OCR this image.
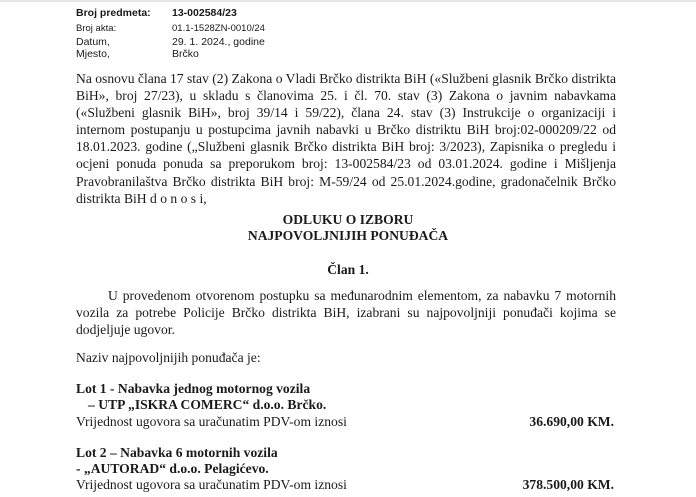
Broj predmeta: 13-002584/23
Broj akta:	01.1-1528ZN-0010/24
Datum,	29. 1. 2024., godine
Mjesto,	Brčko

Na osnovu člana 17 stav (2) Zakona o Vladi Brčko distrikta BiH («Službeni glasnik Brčko distrikta BiH», broj 27/23), u skladu s članovima 25. i čl. 70. stav (3) Zakona o javnim nabavkama («Službeni glasnik BiH», broj 39/14 i 59/22), člana 24. stav (3) Instrukcije o organizaciji i internom postupanju u postupcima javnih nabavki u Brčko distriktu BiH broj:02-000209/22 od 18.01.2023. godine („Službeni glasnik Brčko distrikta BiH broj: 3/2023), Zapisnika o pregledu i ocjeni ponuda ponuda sa preporukom broj: 13-002584/23 od 03.01.2024. godine i Mišljenja Pravobranilaštva Brčko distrikta BiH broj: M-59/24 od 25.01.2024.godine, gradonačelnik Brčko distrikta BiH d o n o s i,

ODLUKU O IZBORU

NAJPOVOLJNIJIH PONUĐAČA

Član 1.

U provedenom otvorenom postupku sa međunarodnim elementom, za nabavku 7 motornih vozila za potrebe Policije Brčko distrikta BiH, izabrani su najpovoljniji ponuđači kojima se dodjeljuje ugovor.

Naziv najpovoljnijih ponuđača je:

Lot 1 - Nabavka jednog motornog vozila

– UTP „ISKRA COMERC“ d.o.o. Brčko.

Vrijednost ugovora sa uračunatim PDV-om iznosi	36.690,00 KM.

Lot 2 – Nabavka 6 motornih vozila

- „AUTORAD“ d.o.o. Pelagićevo.

Vrijednost ugovora sa uračunatim PDV-om iznosi	378.500,00 KM.
